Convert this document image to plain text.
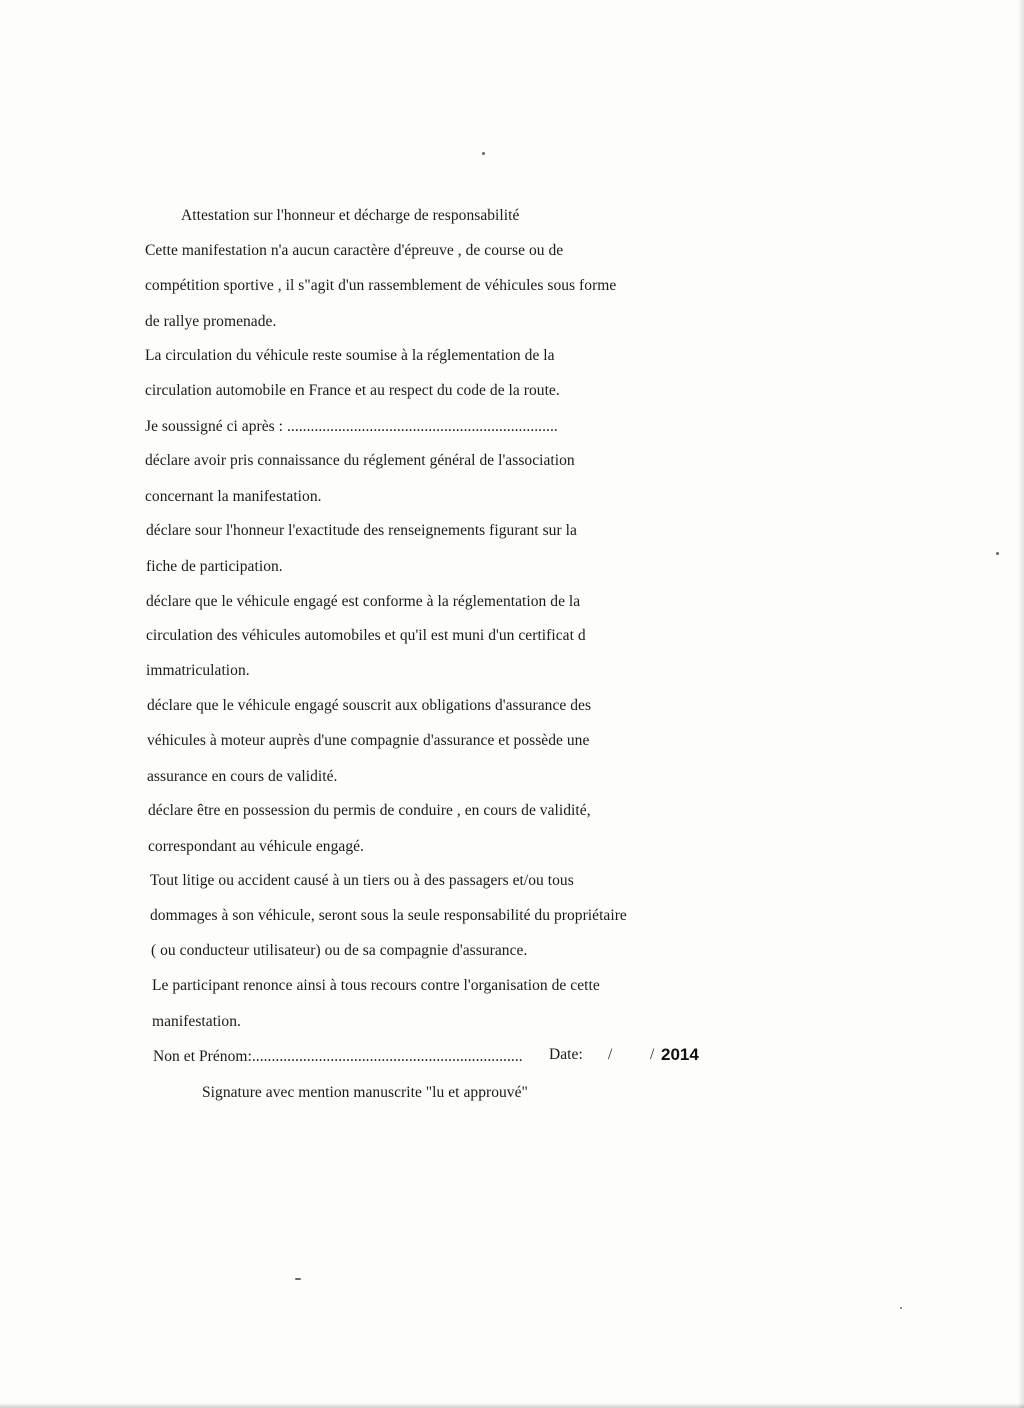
Attestation sur l'honneur et décharge de responsabilité
Cette manifestation n'a aucun caractère d'épreuve , de course ou de
compétition sportive , il s"agit d'un rassemblement de véhicules sous forme
de rallye promenade.
La circulation du véhicule reste soumise à la réglementation de la
circulation automobile en France et au respect du code de la route.
Je soussigné ci après : .....................................................................
déclare avoir pris connaissance du réglement général de l'association
concernant la manifestation.
déclare sour l'honneur l'exactitude des renseignements figurant sur la
fiche de participation.
déclare que le véhicule engagé est conforme à la réglementation de la
circulation des véhicules automobiles et qu'il est muni d'un certificat d
immatriculation.
déclare que le véhicule engagé souscrit aux obligations d'assurance des
véhicules à moteur auprès d'une compagnie d'assurance et possède une
assurance en cours de validité.
déclare être en possession du permis de conduire , en cours de validité,
correspondant au véhicule engagé.
Tout litige ou accident causé à un tiers ou à des passagers et/ou tous
dommages à son véhicule, seront sous la seule responsabilité du propriétaire
( ou conducteur utilisateur) ou de sa compagnie d'assurance.
Le participant renonce ainsi à tous recours contre l'organisation de cette
manifestation.
Non et Prénom:..................................................................... Date: / / 2014
Signature avec mention manuscrite "lu et approuvé"
